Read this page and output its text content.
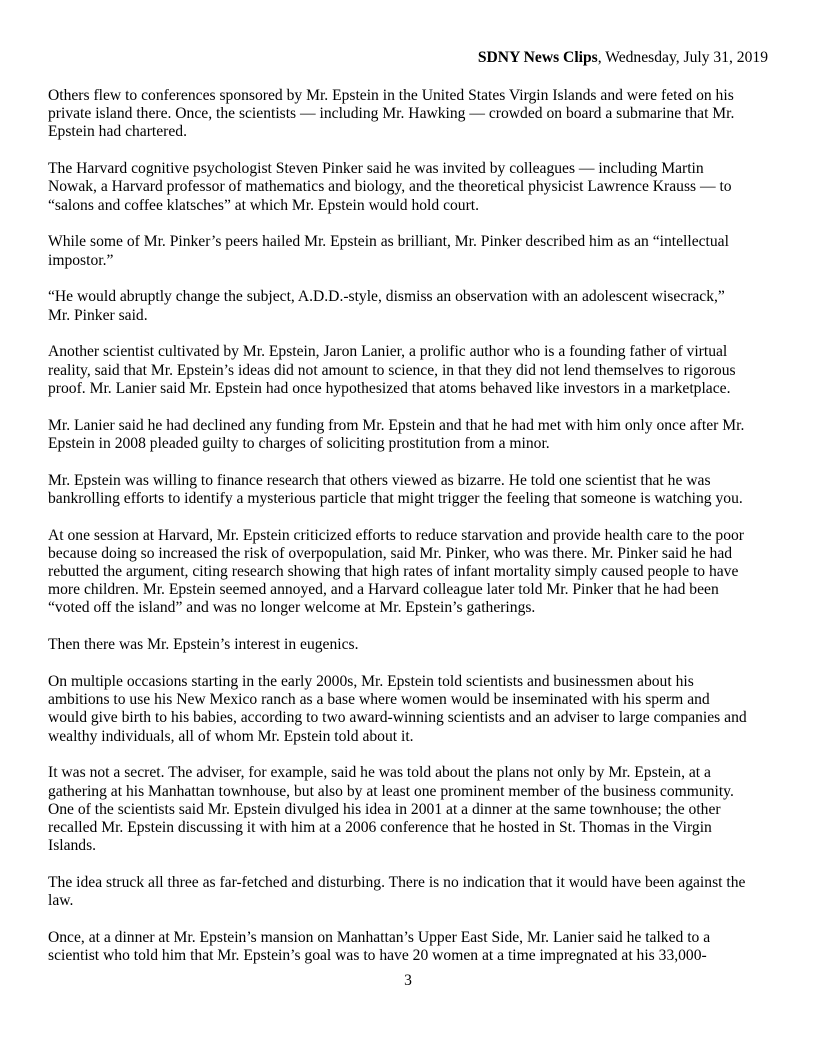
SDNY News Clips, Wednesday, July 31, 2019

Others flew to conferences sponsored by Mr. Epstein in the United States Virgin Islands and were feted on his
private island there. Once, the scientists — including Mr. Hawking — crowded on board a submarine that Mr.
Epstein had chartered.

The Harvard cognitive psychologist Steven Pinker said he was invited by colleagues — including Martin
Nowak, a Harvard professor of mathematics and biology, and the theoretical physicist Lawrence Krauss — to
“salons and coffee klatsches” at which Mr. Epstein would hold court.

While some of Mr. Pinker’s peers hailed Mr. Epstein as brilliant, Mr. Pinker described him as an “intellectual
impostor.”

“He would abruptly change the subject, A.D.D.-style, dismiss an observation with an adolescent wisecrack,”
Mr. Pinker said.

Another scientist cultivated by Mr. Epstein, Jaron Lanier, a prolific author who is a founding father of virtual
reality, said that Mr. Epstein’s ideas did not amount to science, in that they did not lend themselves to rigorous
proof. Mr. Lanier said Mr. Epstein had once hypothesized that atoms behaved like investors in a marketplace.

Mr. Lanier said he had declined any funding from Mr. Epstein and that he had met with him only once after Mr.
Epstein in 2008 pleaded guilty to charges of soliciting prostitution from a minor.

Mr. Epstein was willing to finance research that others viewed as bizarre. He told one scientist that he was
bankrolling efforts to identify a mysterious particle that might trigger the feeling that someone is watching you.

At one session at Harvard, Mr. Epstein criticized efforts to reduce starvation and provide health care to the poor
because doing so increased the risk of overpopulation, said Mr. Pinker, who was there. Mr. Pinker said he had
rebutted the argument, citing research showing that high rates of infant mortality simply caused people to have
more children. Mr. Epstein seemed annoyed, and a Harvard colleague later told Mr. Pinker that he had been
“voted off the island” and was no longer welcome at Mr. Epstein’s gatherings.

Then there was Mr. Epstein’s interest in eugenics.

On multiple occasions starting in the early 2000s, Mr. Epstein told scientists and businessmen about his
ambitions to use his New Mexico ranch as a base where women would be inseminated with his sperm and
would give birth to his babies, according to two award-winning scientists and an adviser to large companies and
wealthy individuals, all of whom Mr. Epstein told about it.

It was not a secret. The adviser, for example, said he was told about the plans not only by Mr. Epstein, at a
gathering at his Manhattan townhouse, but also by at least one prominent member of the business community.
One of the scientists said Mr. Epstein divulged his idea in 2001 at a dinner at the same townhouse; the other
recalled Mr. Epstein discussing it with him at a 2006 conference that he hosted in St. Thomas in the Virgin
Islands.

The idea struck all three as far-fetched and disturbing. There is no indication that it would have been against the
law.

Once, at a dinner at Mr. Epstein’s mansion on Manhattan’s Upper East Side, Mr. Lanier said he talked to a
scientist who told him that Mr. Epstein’s goal was to have 20 women at a time impregnated at his 33,000-

3
